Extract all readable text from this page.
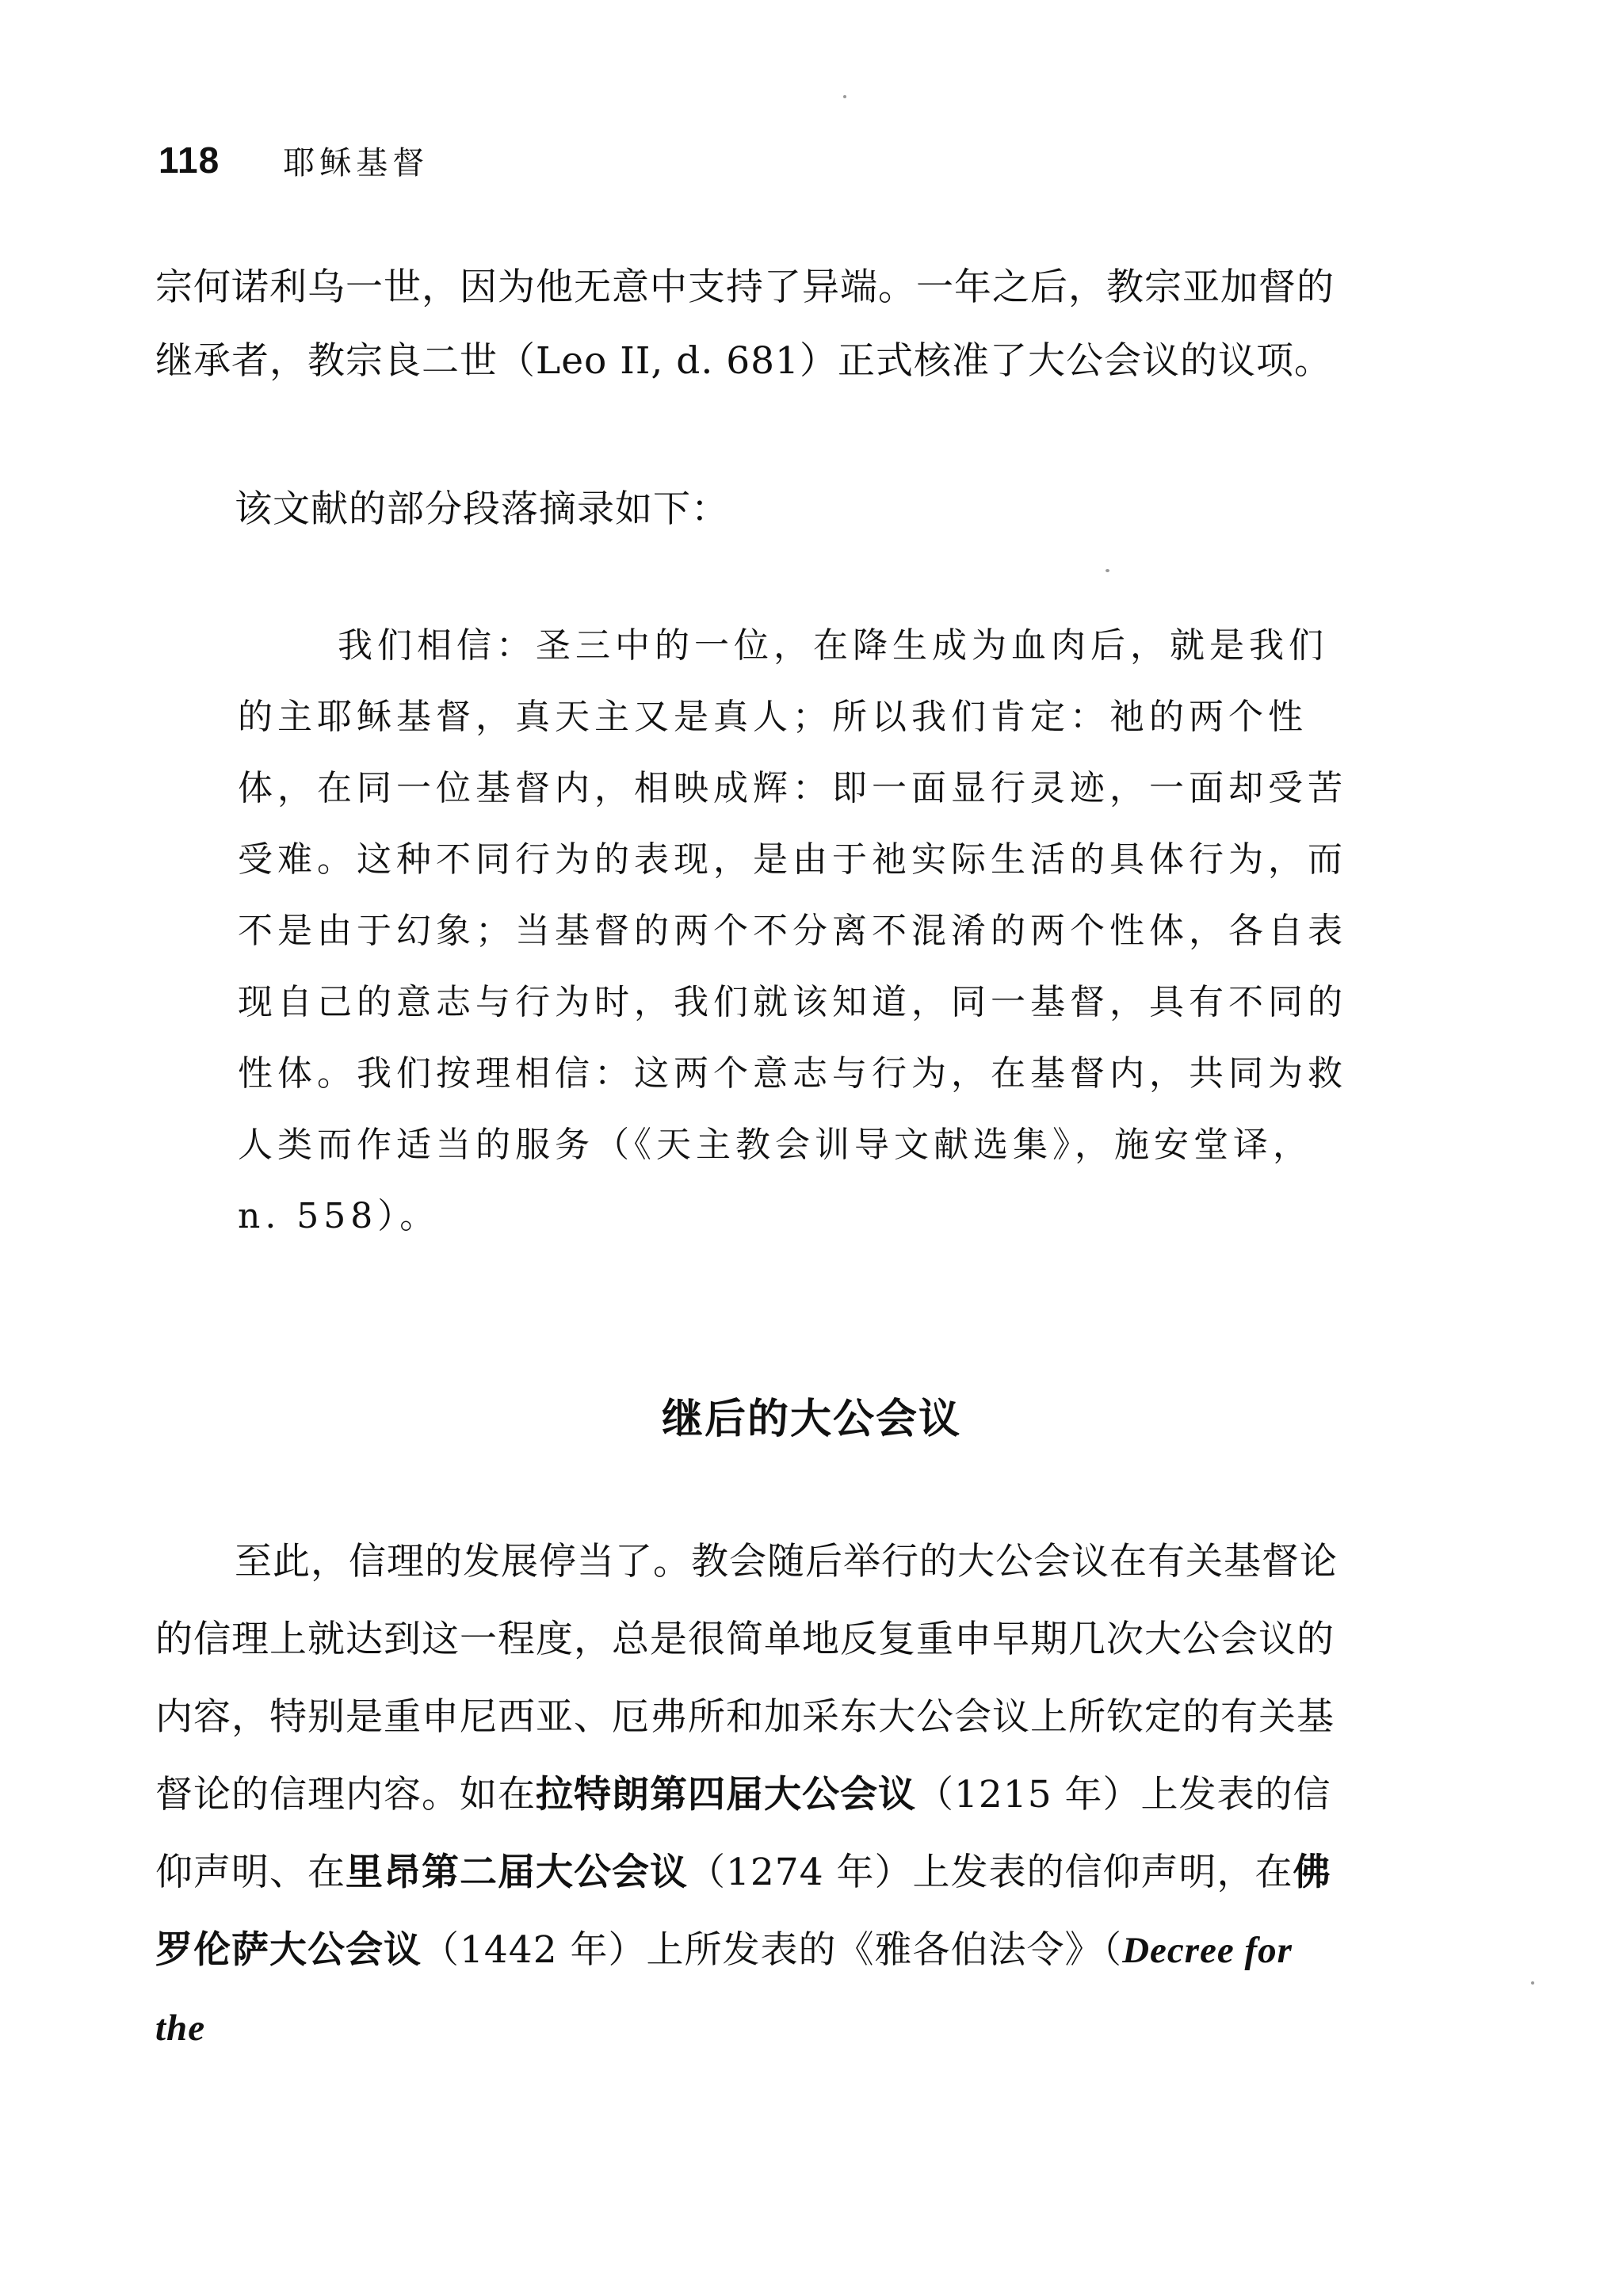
118 耶稣基督

宗何诺利乌一世，因为他无意中支持了异端。一年之后，教宗亚加督的继承者，教宗良二世（Leo II, d. 681）正式核准了大公会议的议项。

该文献的部分段落摘录如下：

我们相信：圣三中的一位，在降生成为血肉后，就是我们的主耶稣基督，真天主又是真人；所以我们肯定：祂的两个性体，在同一位基督内，相映成辉：即一面显行灵迹，一面却受苦受难。这种不同行为的表现，是由于祂实际生活的具体行为，而不是由于幻象；当基督的两个不分离不混淆的两个性体，各自表现自己的意志与行为时，我们就该知道，同一基督，具有不同的性体。我们按理相信：这两个意志与行为，在基督内，共同为救人类而作适当的服务（《天主教会训导文献选集》，施安堂译，n. 558）。

继后的大公会议

至此，信理的发展停当了。教会随后举行的大公会议在有关基督论的信理上就达到这一程度，总是很简单地反复重申早期几次大公会议的内容，特别是重申尼西亚、厄弗所和加采东大公会议上所钦定的有关基督论的信理内容。如在拉特朗第四届大公会议（1215 年）上发表的信仰声明、在里昂第二届大公会议（1274 年）上发表的信仰声明，在佛罗伦萨大公会议（1442 年）上所发表的《雅各伯法令》（Decree for the
